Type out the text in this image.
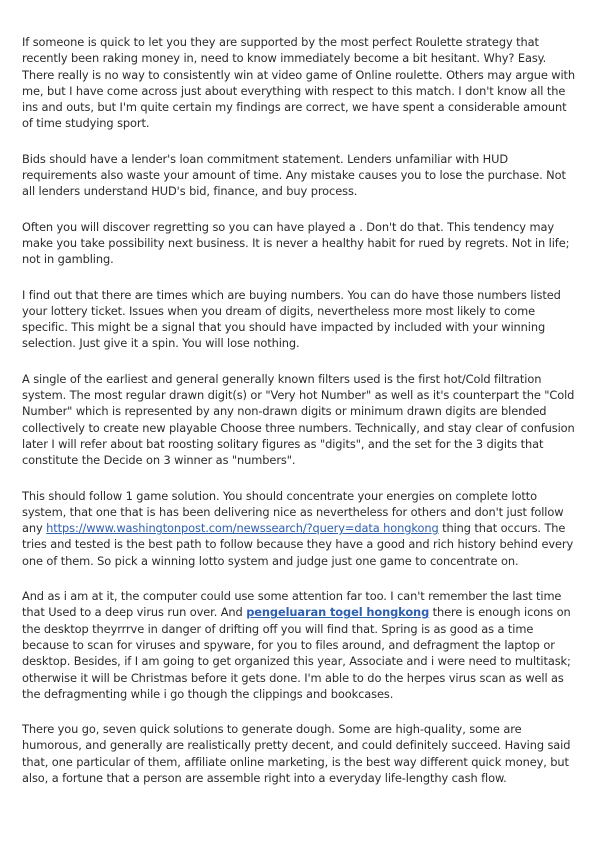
If someone is quick to let you they are supported by the most perfect Roulette strategy that recently been raking money in, need to know immediately become a bit hesitant. Why? Easy. There really is no way to consistently win at video game of Online roulette. Others may argue with me, but I have come across just about everything with respect to this match. I don't know all the ins and outs, but I'm quite certain my findings are correct, we have spent a considerable amount of time studying sport.

Bids should have a lender's loan commitment statement. Lenders unfamiliar with HUD requirements also waste your amount of time. Any mistake causes you to lose the purchase. Not all lenders understand HUD's bid, finance, and buy process.

Often you will discover regretting so you can have played a . Don't do that. This tendency may make you take possibility next business. It is never a healthy habit for rued by regrets. Not in life; not in gambling.

I find out that there are times which are buying numbers. You can do have those numbers listed your lottery ticket. Issues when you dream of digits, nevertheless more most likely to come specific. This might be a signal that you should have impacted by included with your winning selection. Just give it a spin. You will lose nothing.

A single of the earliest and general generally known filters used is the first hot/Cold filtration system. The most regular drawn digit(s) or "Very hot Number" as well as it's counterpart the "Cold Number" which is represented by any non-drawn digits or minimum drawn digits are blended collectively to create new playable Choose three numbers. Technically, and stay clear of confusion later I will refer about bat roosting solitary figures as "digits", and the set for the 3 digits that constitute the Decide on 3 winner as "numbers".

This should follow 1 game solution. You should concentrate your energies on complete lotto system, that one that is has been delivering nice as nevertheless for others and don't just follow any https://www.washingtonpost.com/newssearch/?query=data hongkong thing that occurs. The tries and tested is the best path to follow because they have a good and rich history behind every one of them. So pick a winning lotto system and judge just one game to concentrate on.

And as i am at it, the computer could use some attention far too. I can't remember the last time that Used to a deep virus run over. And pengeluaran togel hongkong there is enough icons on the desktop theyrrrve in danger of drifting off you will find that. Spring is as good as a time because to scan for viruses and spyware, for you to files around, and defragment the laptop or desktop. Besides, if I am going to get organized this year, Associate and i were need to multitask; otherwise it will be Christmas before it gets done. I'm able to do the herpes virus scan as well as the defragmenting while i go though the clippings and bookcases.

There you go, seven quick solutions to generate dough. Some are high-quality, some are humorous, and generally are realistically pretty decent, and could definitely succeed. Having said that, one particular of them, affiliate online marketing, is the best way different quick money, but also, a fortune that a person are assemble right into a everyday life-lengthy cash flow.
